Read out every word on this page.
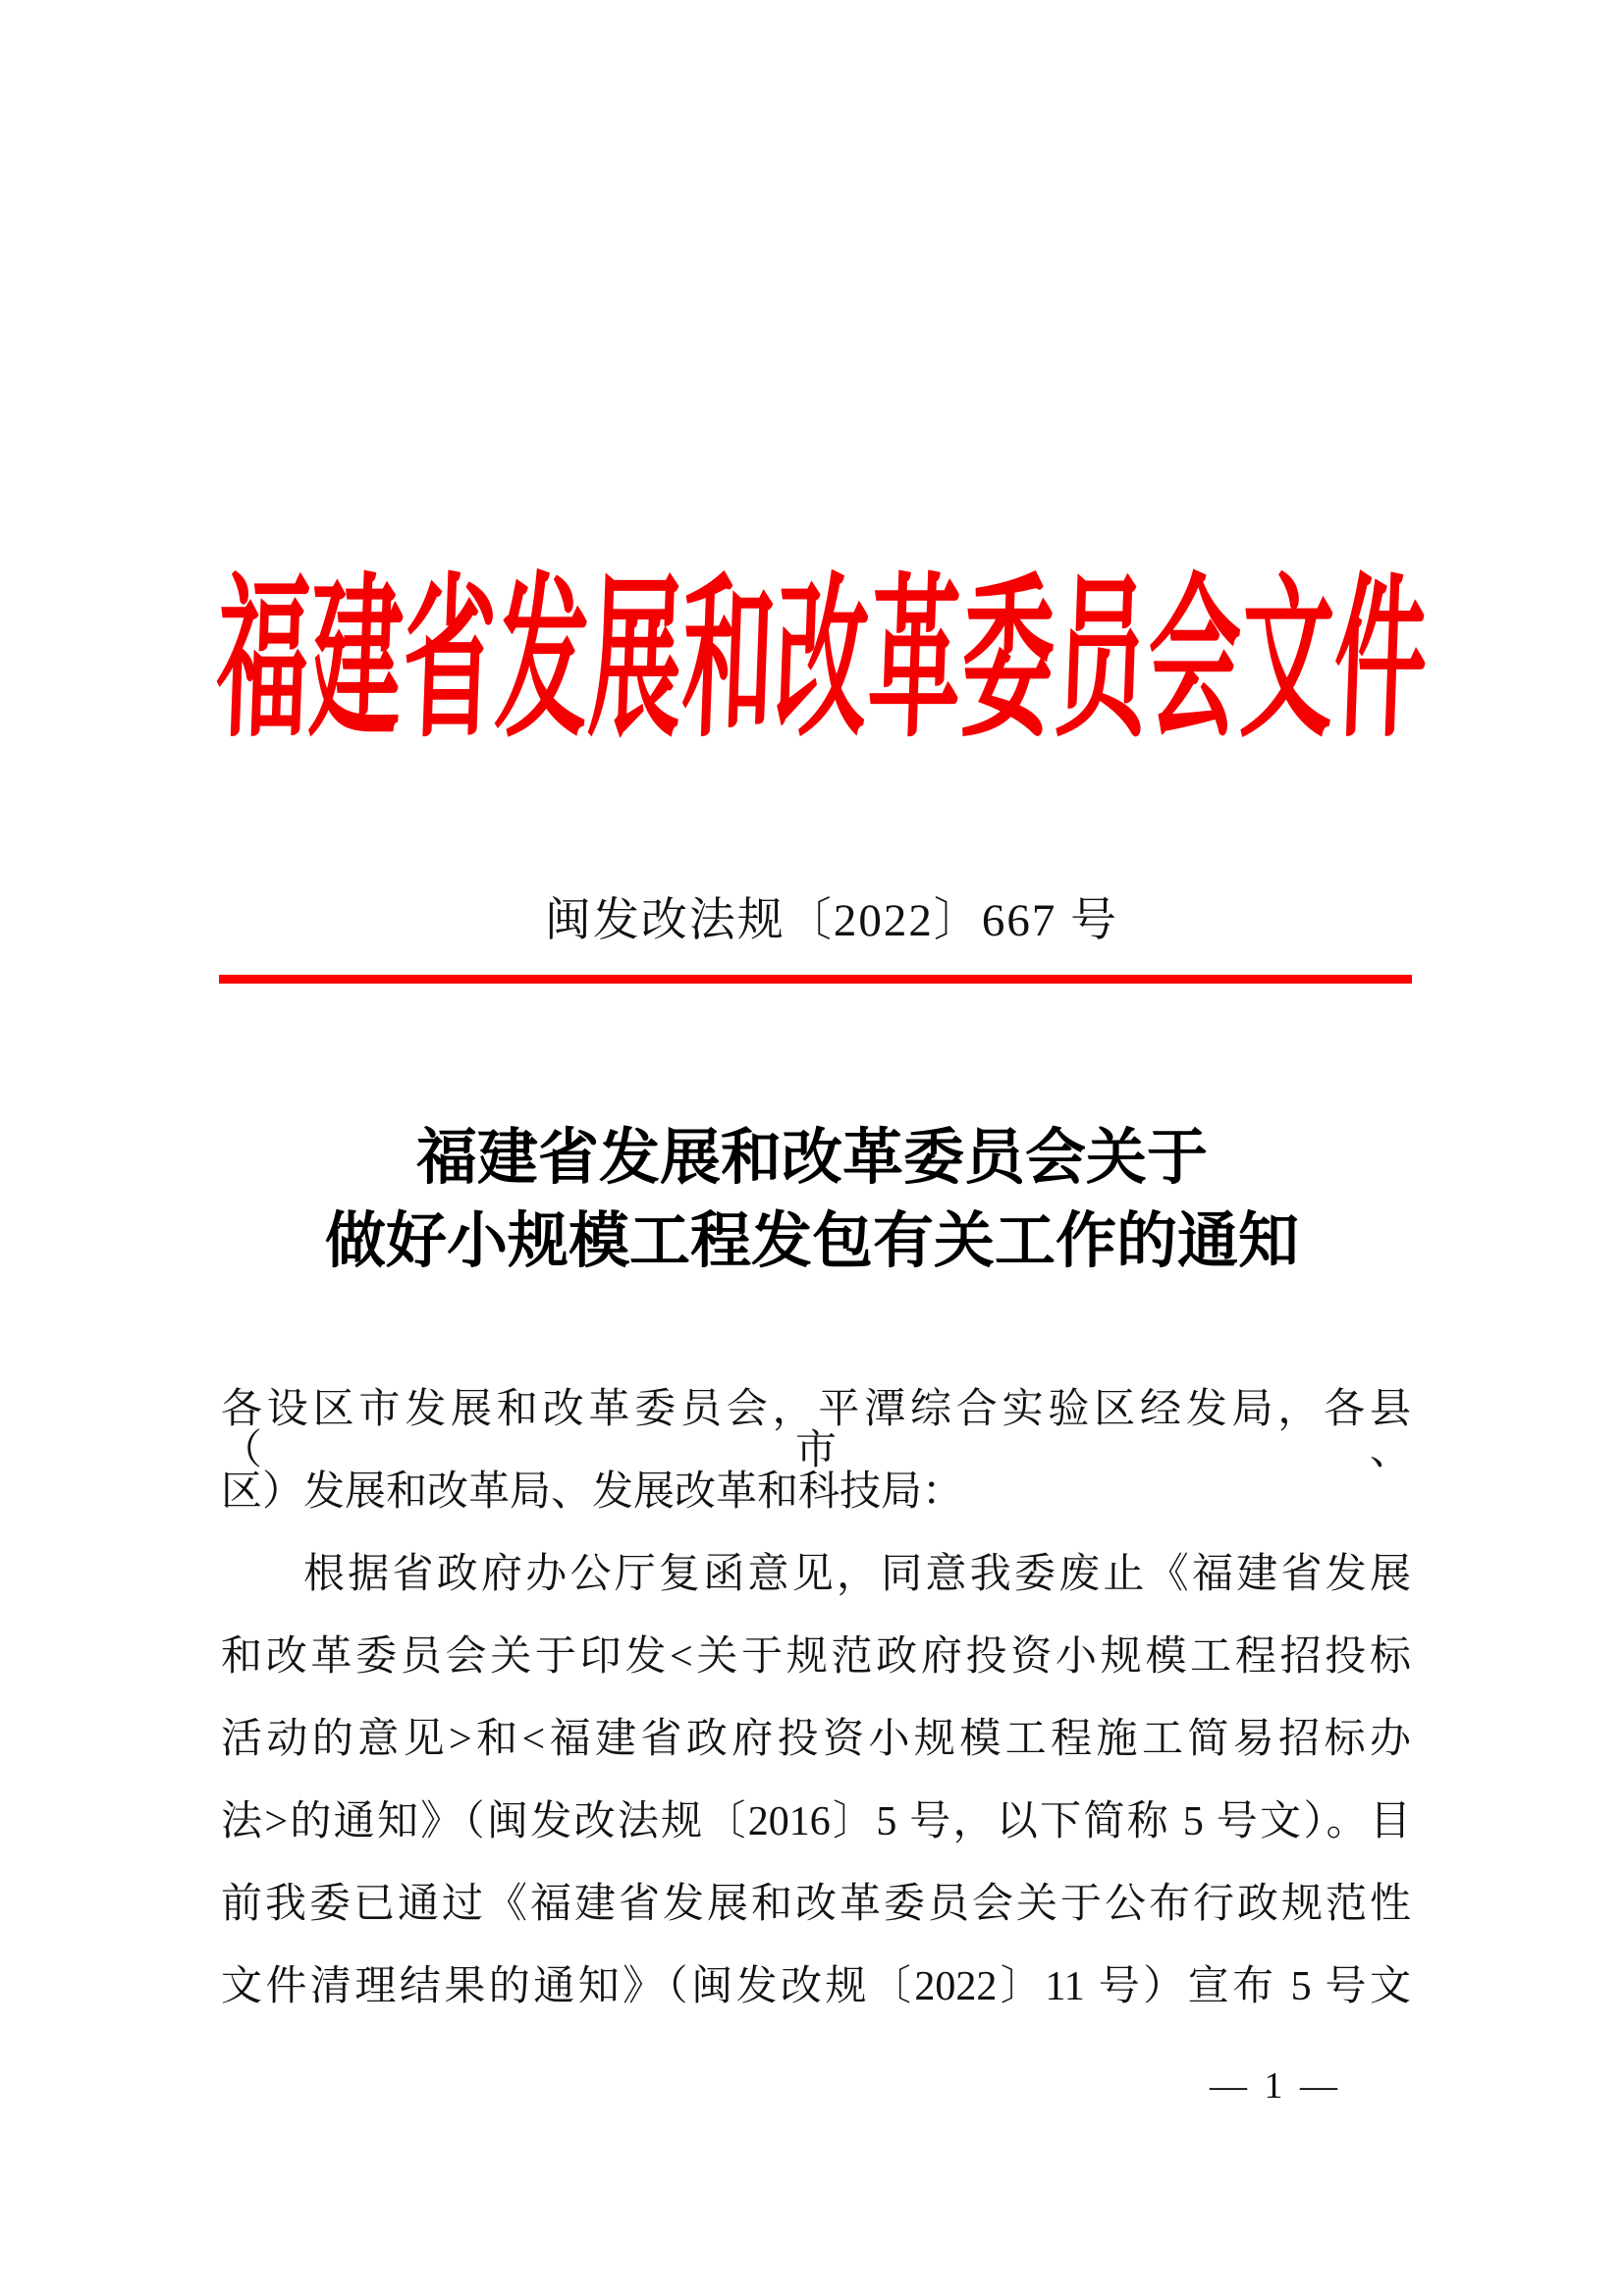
福建省发展和改革委员会文件
闽发改法规〔2022〕667 号
福建省发展和改革委员会关于
做好小规模工程发包有关工作的通知
各设区市发展和改革委员会，平潭综合实验区经发局，各县（市、
区）发展和改革局、发展改革和科技局：
根据省政府办公厅复函意见，同意我委废止《福建省发展
和改革委员会关于印发<关于规范政府投资小规模工程招投标
活动的意见>和<福建省政府投资小规模工程施工简易招标办
法>的通知》（闽发改法规〔2016〕5 号，以下简称 5 号文）。目
前我委已通过《福建省发展和改革委员会关于公布行政规范性
文件清理结果的通知》（闽发改规〔2022〕11 号）宣布 5 号文
— 1 —
